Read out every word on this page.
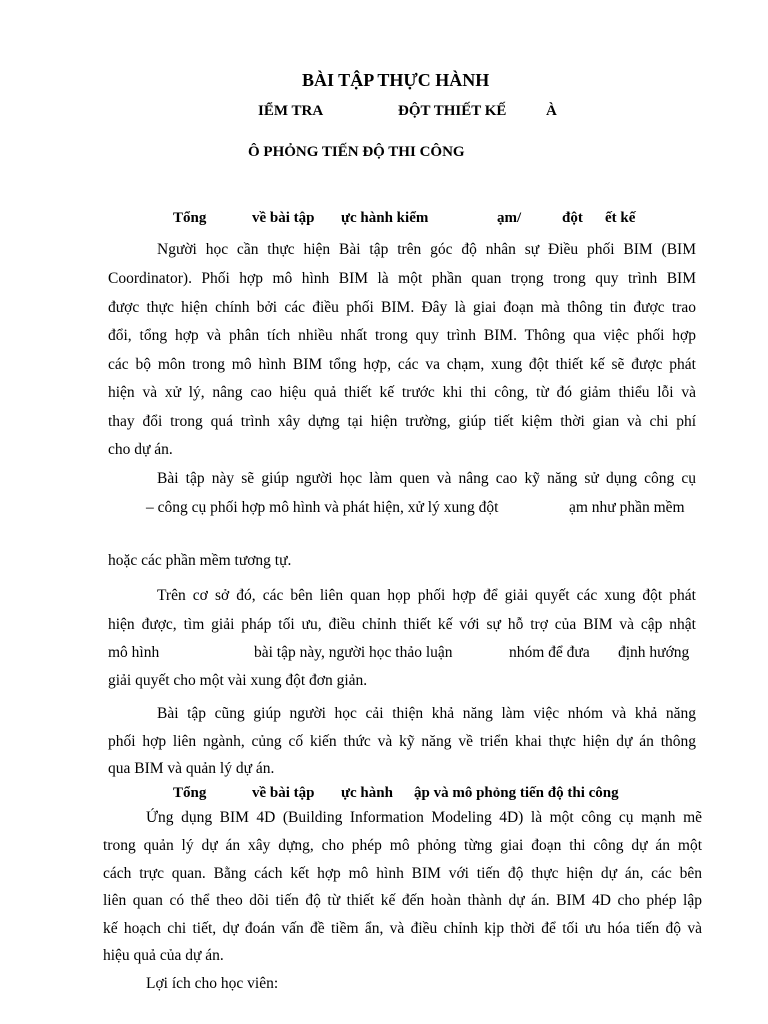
BÀI TẬP THỰC HÀNH
IỂM TRA	ĐỘT THIẾT KẾ	À
Ô PHỎNG TIẾN ĐỘ THI CÔNG
Tổng	về bài tập ực hành kiểm	ạm/	đột ết kế
Người học cần thực hiện Bài tập trên góc độ nhân sự Điều phối BIM (BIM
Coordinator). Phối hợp mô hình BIM là một phần quan trọng trong quy trình BIM
được thực hiện chính bởi các điều phối BIM. Đây là giai đoạn mà thông tin được trao
đổi, tổng hợp và phân tích nhiều nhất trong quy trình BIM. Thông qua việc phối hợp
các bộ môn trong mô hình BIM tổng hợp, các va chạm, xung đột thiết kế sẽ được phát
hiện và xử lý, nâng cao hiệu quả thiết kế trước khi thi công, từ đó giảm thiểu lỗi và
thay đổi trong quá trình xây dựng tại hiện trường, giúp tiết kiệm thời gian và chi phí
cho dự án.
Bài tập này sẽ giúp người học làm quen và nâng cao kỹ năng sử dụng công cụ
– công cụ phối hợp mô hình và phát hiện, xử lý xung đột	ạm như phần mềm
hoặc các phần mềm tương tự.
Trên cơ sở đó, các bên liên quan họp phối hợp để giải quyết các xung đột phát
hiện được, tìm giải pháp tối ưu, điều chỉnh thiết kế với sự hỗ trợ của BIM và cập nhật
mô hình	bài tập này, người học thảo luận	nhóm để đưa định hướng
giải quyết cho một vài xung đột đơn giản.
Bài tập cũng giúp người học cải thiện khả năng làm việc nhóm và khả năng
phối hợp liên ngành, củng cố kiến thức và kỹ năng về triển khai thực hiện dự án thông
qua BIM và quản lý dự án.
Tổng	về bài tập ực hành ập và mô phỏng tiến độ thi công
Ứng dụng BIM 4D (Building Information Modeling 4D) là một công cụ mạnh mẽ
trong quản lý dự án xây dựng, cho phép mô phỏng từng giai đoạn thi công dự án một
cách trực quan. Bằng cách kết hợp mô hình BIM với tiến độ thực hiện dự án, các bên
liên quan có thể theo dõi tiến độ từ thiết kế đến hoàn thành dự án. BIM 4D cho phép lập
kế hoạch chi tiết, dự đoán vấn đề tiềm ẩn, và điều chỉnh kịp thời để tối ưu hóa tiến độ và
hiệu quả của dự án.
Lợi ích cho học viên:
